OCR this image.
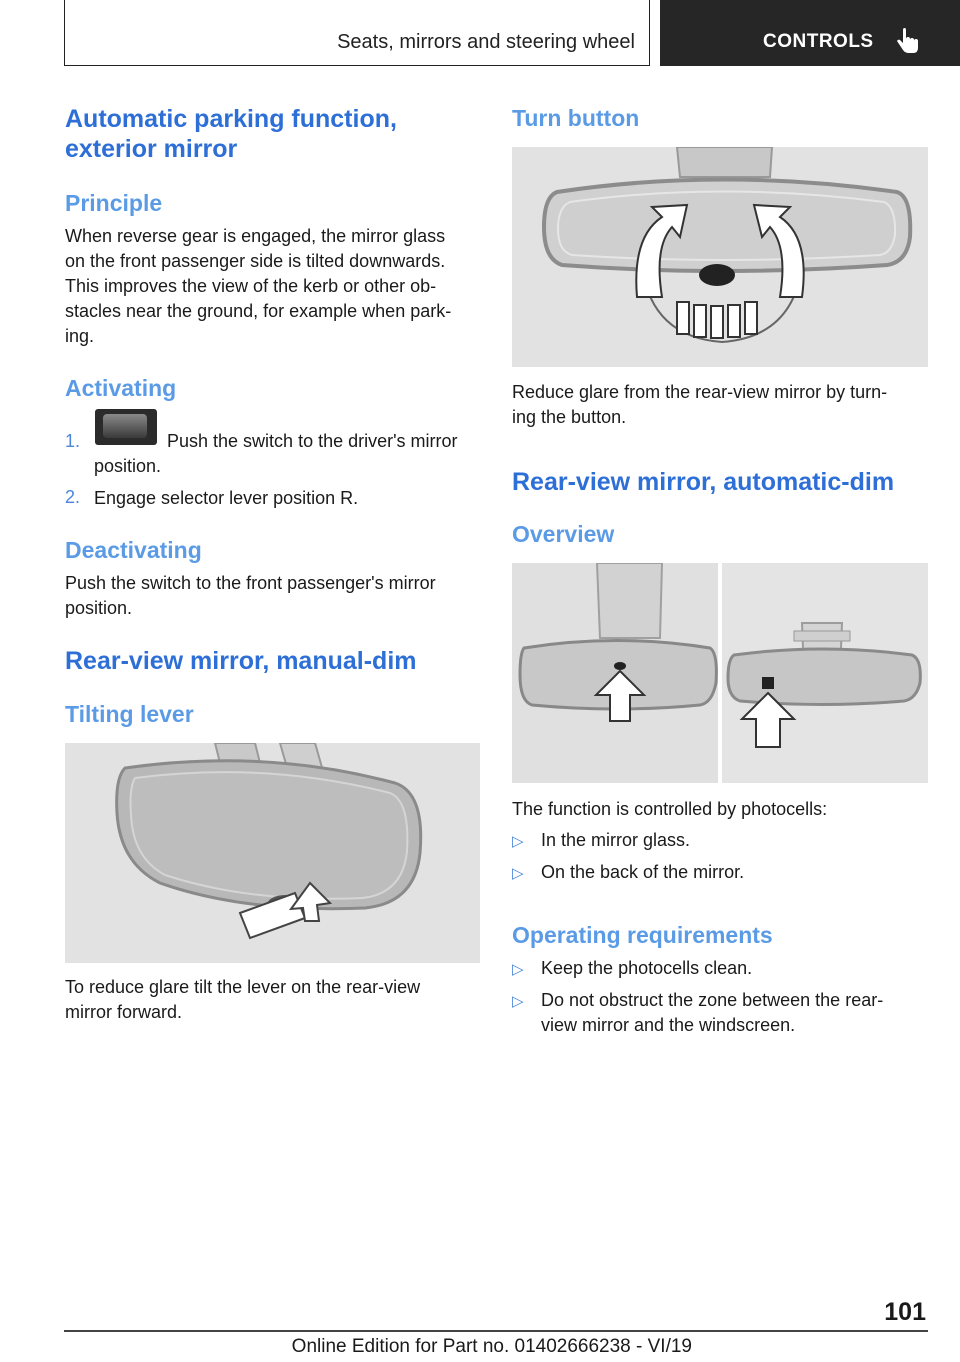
Seats, mirrors and steering wheel	CONTROLS
Automatic parking function,
exterior mirror
Principle
When reverse gear is engaged, the mirror glass
on the front passenger side is tilted downwards.
This improves the view of the kerb or other ob‐
stacles near the ground, for example when park‐
ing.
Activating
1.	Push the switch to the driver's mirror
position.
2. Engage selector lever position R.
Deactivating
Push the switch to the front passenger's mirror
position.
Rear-view mirror, manual-dim
Tilting lever
To reduce glare tilt the lever on the rear-view
mirror forward.
Turn button
Reduce glare from the rear-view mirror by turn‐
ing the button.
Rear-view mirror, automatic-dim
Overview
The function is controlled by photocells:
▷ In the mirror glass.
▷ On the back of the mirror.
Operating requirements
▷ Keep the photocells clean.
▷ Do not obstruct the zone between the rear‐
view mirror and the windscreen.
101
Online Edition for Part no. 01402666238 - VI/19
